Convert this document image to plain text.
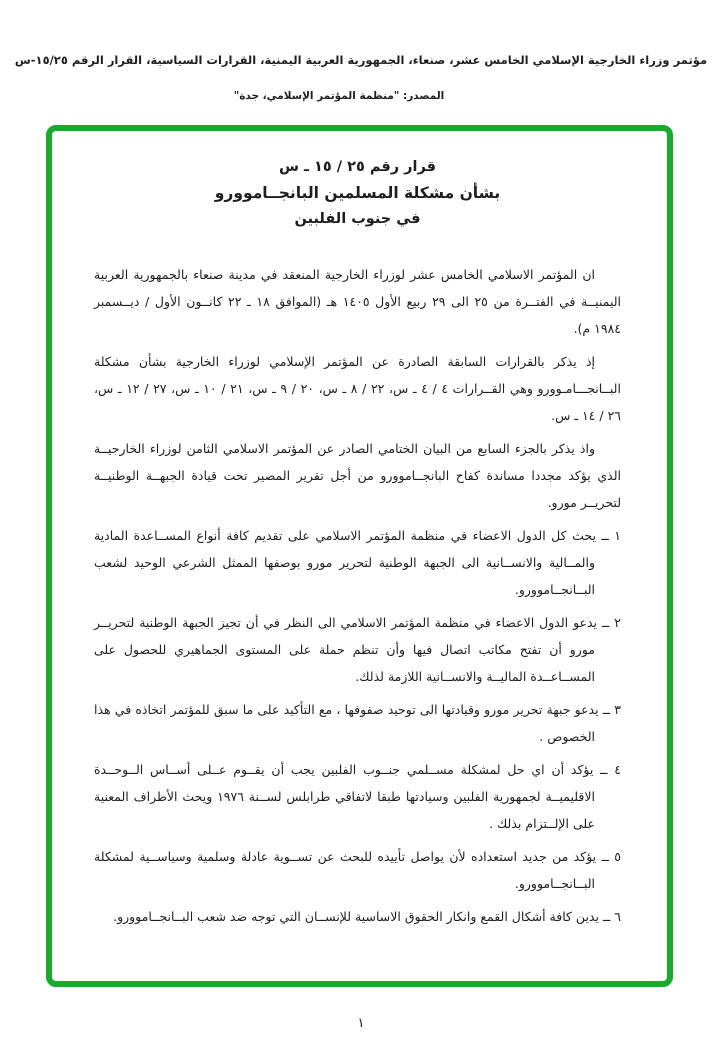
مؤتمر وزراء الخارجية الإسلامي الخامس عشر، صنعاء، الجمهورية العربية اليمنية، القرارات السياسية، القرار الرقم ٢٥‏/‏١٥‏-س
المصدر: "منظمة المؤتمر الإسلامي، جدة"
قرار رقم ٢٥ / ١٥ ـ س
بشأن مشكلة المسلمين البانجــاموورو
في جنوب الفلبين

ان المؤتمر الاسلامي الخامس عشر لوزراء الخارجية المنعقد في مدينة صنعاء بالجمهورية العربية اليمنيــة في الفتــرة من ٢٥ الى ٢٩ ربيع الأول ١٤٠٥ هـ (الموافق ١٨ ـ ٢٢ كانــون الأول / ديــسمبر ١٩٨٤ م).

إذ يذكر بالقرارات السابقة الصادرة عن المؤتمر الإسلامي لوزراء الخارجية بشأن مشكلة البــانجـــامـوورو وهي القــرارات ٤ / ٤ ـ س، ٢٢ / ٨ ـ س، ٢٠ / ٩ ـ س، ٢١ / ١٠ ـ س، ٢٧ / ١٢ ـ س، ٢٦ / ١٤ ـ س.

واذ يذكر بالجزء السابع من البيان الختامي الصادر عن المؤتمر الاسلامي الثامن لوزراء الخارجيــة الذي يؤكد مجددا مساندة كفاح البانجــاموورو من أجل تقرير المصير تحت قيادة الجبهــة الوطنيــة لتحريــر مورو.

١ ــ يحث كل الدول الاعضاء في منظمة المؤتمر الاسلامي على تقديم كافة أنواع المســاعدة المادية والمــالية والانســانية الى الجبهة الوطنية لتحرير مورو بوصفها الممثل الشرعي الوحيد لشعب البــانجــاموورو.

٢ ــ يدعو الدول الاعضاء في منظمة المؤتمر الاسلامي الى النظر في أن تجيز الجبهة الوطنية لتحريــر مورو أن تفتح مكاتب اتصال فيها وأن تنظم حملة على المستوى الجماهيري للحصول على المســاعــدة الماليــة والانســانية اللازمة لذلك.

٣ ــ يدعو جبهة تحرير مورو وقيادتها الى توحيد صفوفها ، مع التأكيد على ما سبق للمؤتمر اتخاذه في هذا الخصوص .

٤ ــ يؤكد أن اي حل لمشكلة مســلمي جنــوب الفلبين يجب أن يقــوم عــلى أســاس الــوحــدة الاقليميــة لجمهورية الفلبين وسيادتها طبقا لاتفاقي طرابلس لســنة ١٩٧٦ ويحث الأطراف المعنية على الإلــتزام بذلك .

٥ ــ يؤكد من جديد استعداده لأن يواصل تأييده للبحث عن تســوية عادلة وسلمية وسياســية لمشكلة البــانجــاموورو.

٦ ــ يدين كافة أشكال القمع وانكار الحقوق الاساسية للإنســان التي توجه ضد شعب البــانجــاموورو.

١
